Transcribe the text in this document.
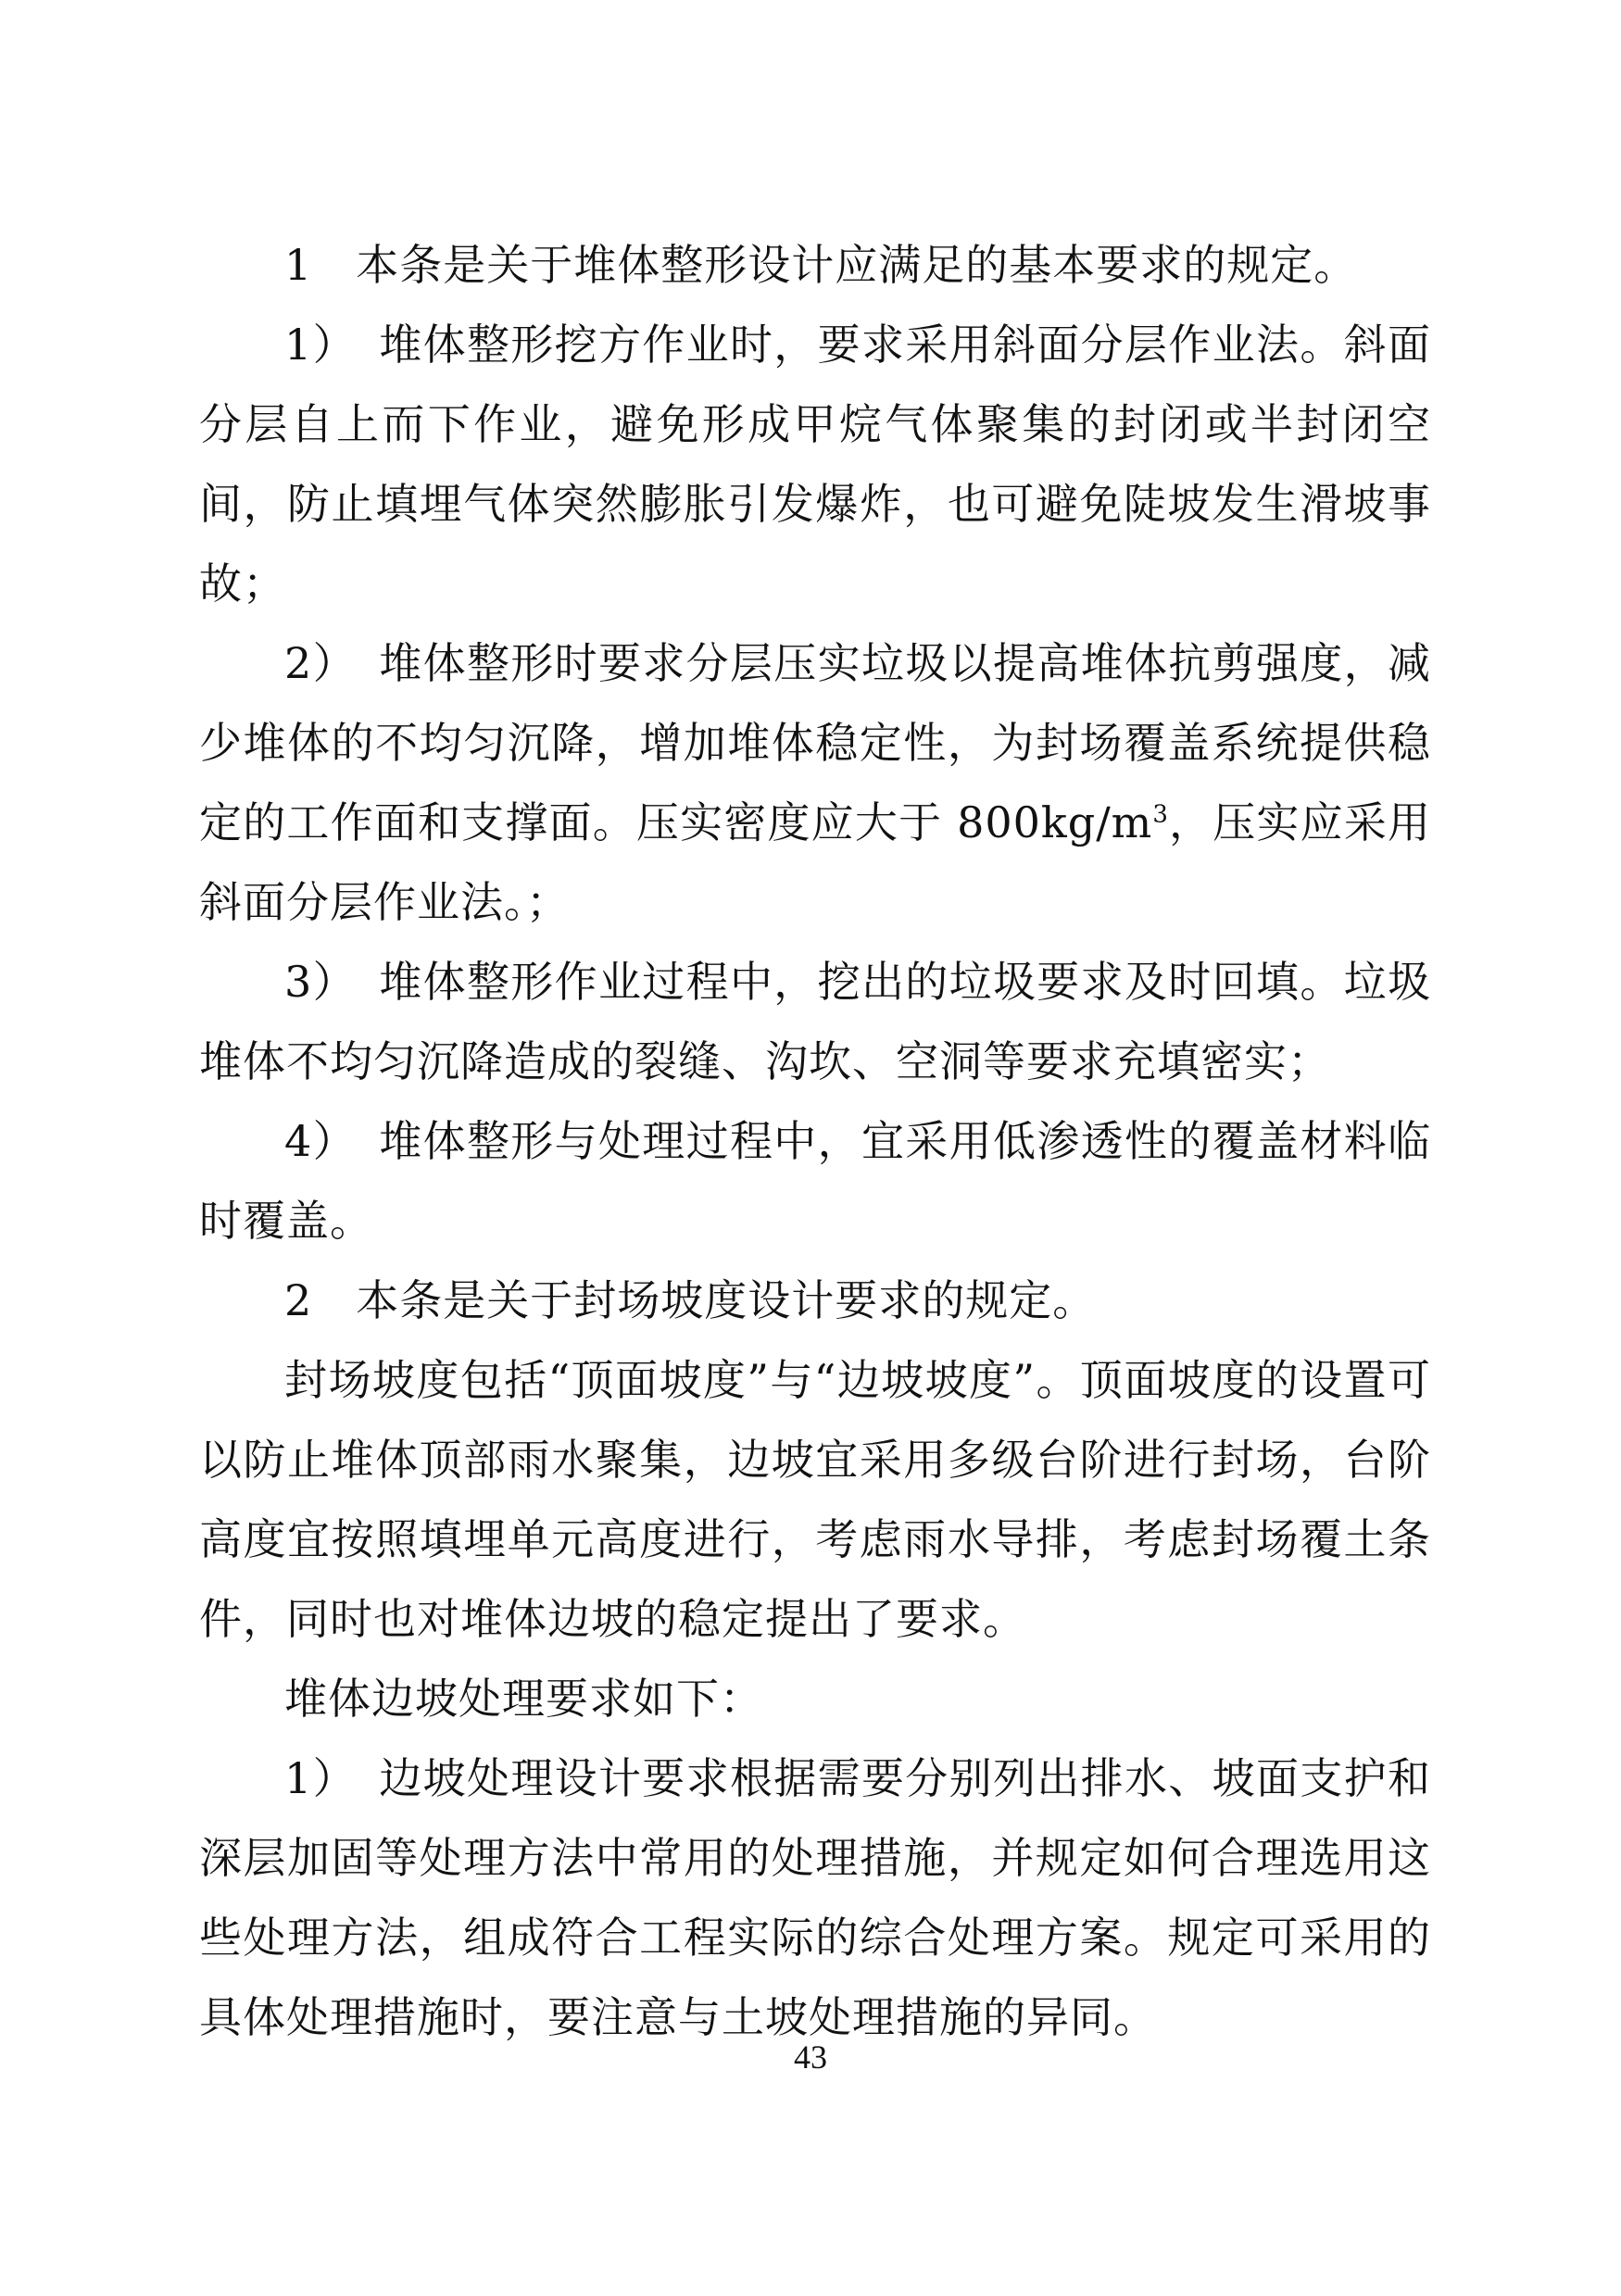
1　本条是关于堆体整形设计应满足的基本要求的规定。

1）　堆体整形挖方作业时，要求采用斜面分层作业法。斜面分层自上而下作业，避免形成甲烷气体聚集的封闭或半封闭空间，防止填埋气体突然膨胀引发爆炸，也可避免陡坡发生滑坡事故；

2）　堆体整形时要求分层压实垃圾以提高堆体抗剪强度，减少堆体的不均匀沉降，增加堆体稳定性，为封场覆盖系统提供稳定的工作面和支撑面。压实密度应大于 $800kg/m^3$，压实应采用斜面分层作业法。；

3）　堆体整形作业过程中，挖出的垃圾要求及时回填。垃圾堆体不均匀沉降造成的裂缝、沟坎、空洞等要求充填密实；

4）　堆体整形与处理过程中，宜采用低渗透性的覆盖材料临时覆盖。

2　本条是关于封场坡度设计要求的规定。

封场坡度包括“顶面坡度”与“边坡坡度”。顶面坡度的设置可以防止堆体顶部雨水聚集，边坡宜采用多级台阶进行封场，台阶高度宜按照填埋单元高度进行，考虑雨水导排，考虑封场覆土条件，同时也对堆体边坡的稳定提出了要求。

堆体边坡处理要求如下：

1）　边坡处理设计要求根据需要分别列出排水、坡面支护和深层加固等处理方法中常用的处理措施，并规定如何合理选用这些处理方法，组成符合工程实际的综合处理方案。规定可采用的具体处理措施时，要注意与土坡处理措施的异同。

43
